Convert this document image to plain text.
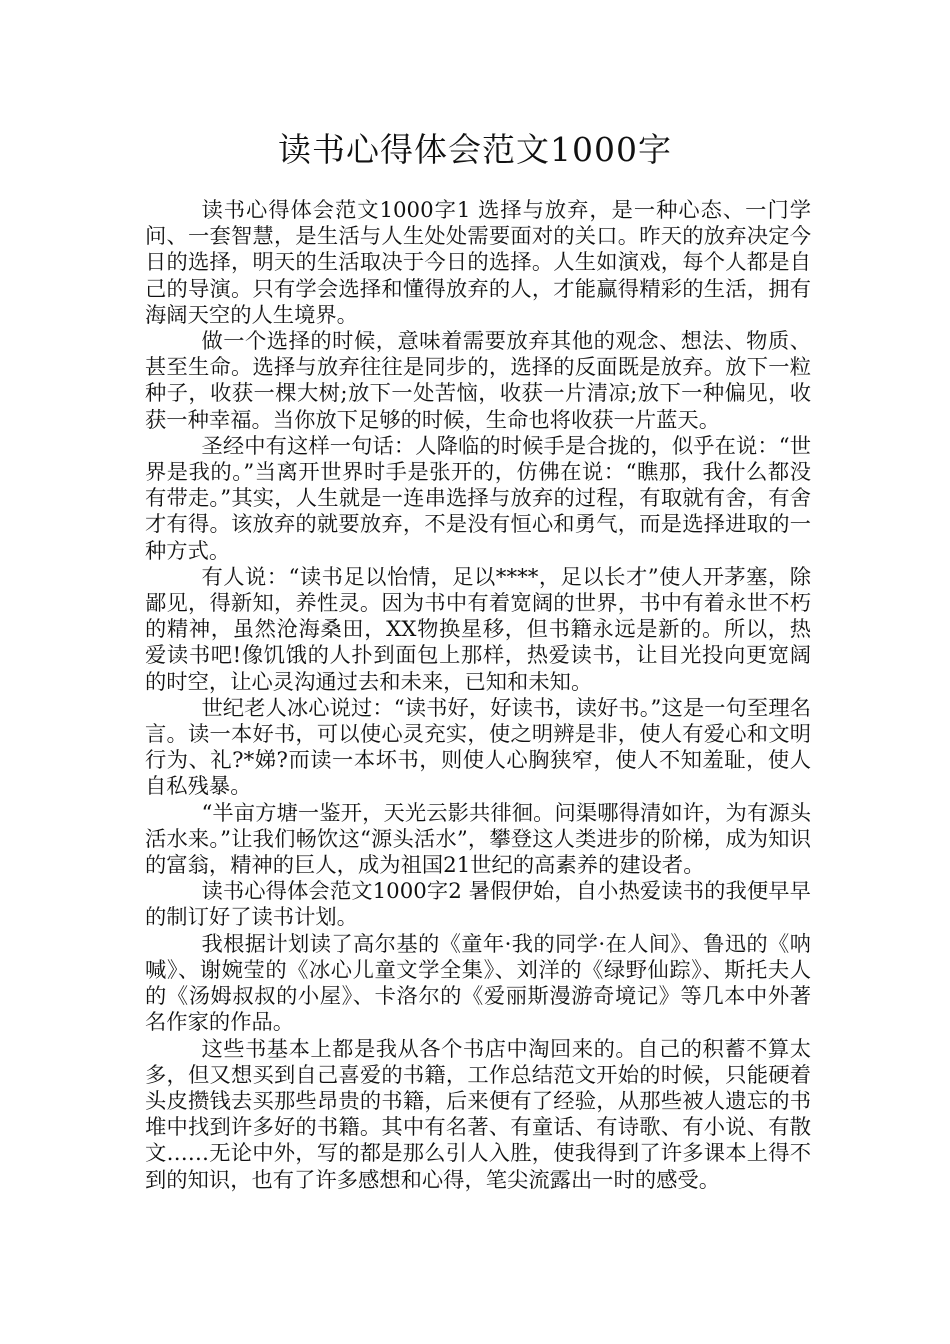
读书心得体会范文1000字

读书心得体会范文1000字1 选择与放弃，是一种心态、一门学问、一套智慧，是生活与人生处处需要面对的关口。昨天的放弃决定今日的选择，明天的生活取决于今日的选择。人生如演戏，每个人都是自己的导演。只有学会选择和懂得放弃的人，才能赢得精彩的生活，拥有海阔天空的人生境界。

做一个选择的时候，意味着需要放弃其他的观念、想法、物质、甚至生命。选择与放弃往往是同步的，选择的反面既是放弃。放下一粒种子，收获一棵大树;放下一处苦恼，收获一片清凉;放下一种偏见，收获一种幸福。当你放下足够的时候，生命也将收获一片蓝天。

圣经中有这样一句话：人降临的时候手是合拢的，似乎在说：“世界是我的。”当离开世界时手是张开的，仿佛在说：“瞧那，我什么都没有带走。”其实，人生就是一连串选择与放弃的过程，有取就有舍，有舍才有得。该放弃的就要放弃，不是没有恒心和勇气，而是选择进取的一种方式。

有人说：“读书足以怡情，足以****，足以长才”使人开茅塞，除鄙见，得新知，养性灵。因为书中有着宽阔的世界，书中有着永世不朽的精神，虽然沧海桑田，XX物换星移，但书籍永远是新的。所以，热爱读书吧!像饥饿的人扑到面包上那样，热爱读书，让目光投向更宽阔的时空，让心灵沟通过去和未来，已知和未知。

世纪老人冰心说过：“读书好，好读书，读好书。”这是一句至理名言。读一本好书，可以使心灵充实，使之明辨是非，使人有爱心和文明行为、礼?*娣?而读一本坏书，则使人心胸狭窄，使人不知羞耻，使人自私残暴。

“半亩方塘一鉴开，天光云影共徘徊。问渠哪得清如许，为有源头活水来。”让我们畅饮这“源头活水”，攀登这人类进步的阶梯，成为知识的富翁，精神的巨人，成为祖国21世纪的高素养的建设者。

读书心得体会范文1000字2 暑假伊始，自小热爱读书的我便早早的制订好了读书计划。

我根据计划读了高尔基的《童年·我的同学·在人间》、鲁迅的《呐喊》、谢婉莹的《冰心儿童文学全集》、刘洋的《绿野仙踪》、斯托夫人的《汤姆叔叔的小屋》、卡洛尔的《爱丽斯漫游奇境记》等几本中外著名作家的作品。

这些书基本上都是我从各个书店中淘回来的。自己的积蓄不算太多，但又想买到自己喜爱的书籍，工作总结范文开始的时候，只能硬着头皮攒钱去买那些昂贵的书籍，后来便有了经验，从那些被人遗忘的书堆中找到许多好的书籍。其中有名著、有童话、有诗歌、有小说、有散文……无论中外，写的都是那么引人入胜，使我得到了许多课本上得不到的知识，也有了许多感想和心得，笔尖流露出一时的感受。
